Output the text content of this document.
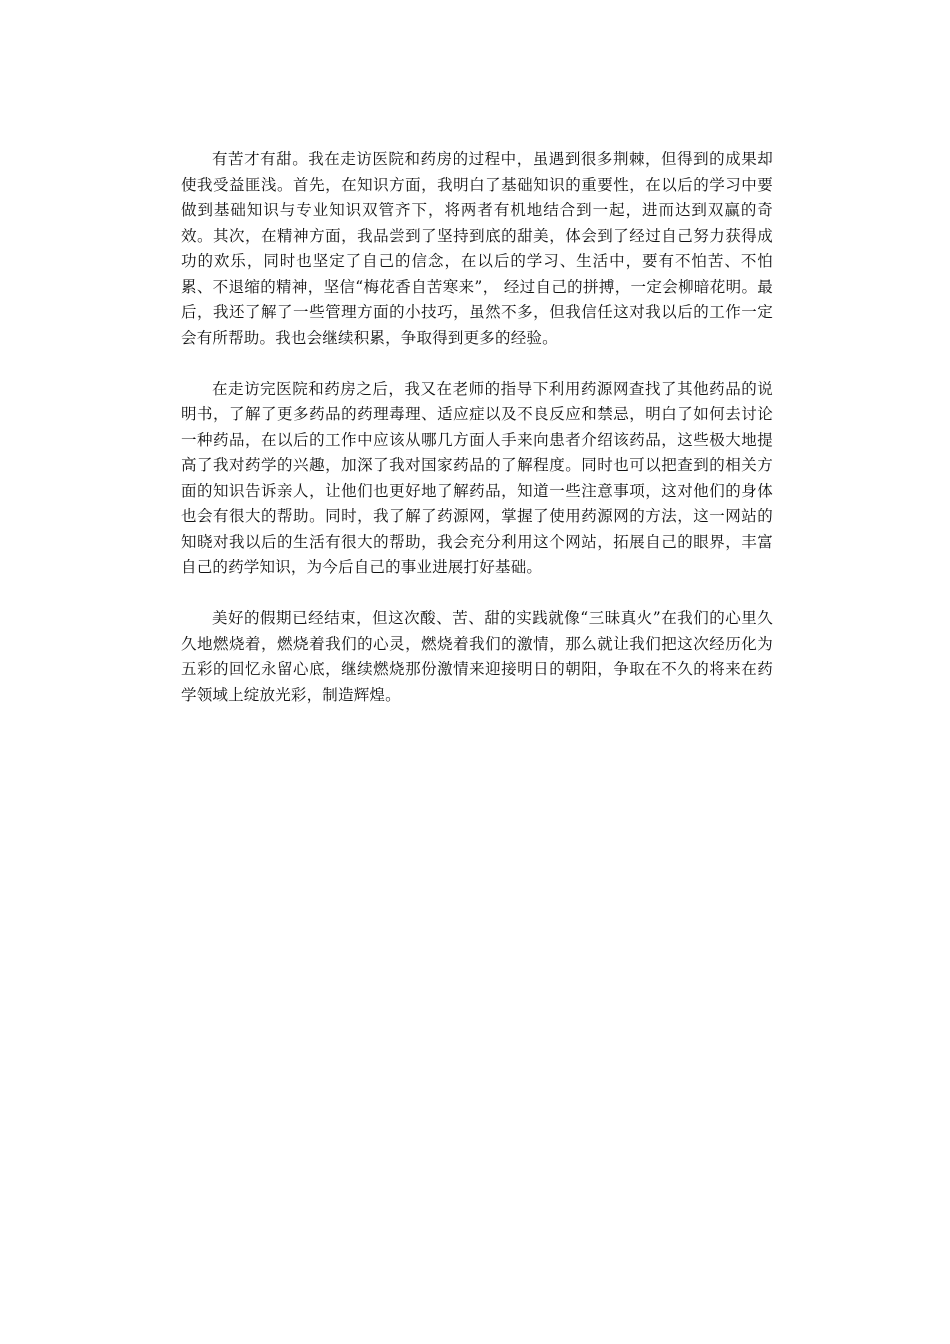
有苦才有甜。我在走访医院和药房的过程中，虽遇到很多荆棘，但得到的成果却使我受益匪浅。首先，在知识方面，我明白了基础知识的重要性，在以后的学习中要做到基础知识与专业知识双管齐下，将两者有机地结合到一起，进而达到双赢的奇效。其次，在精神方面，我品尝到了坚持到底的甜美，体会到了经过自己努力获得成功的欢乐，同时也坚定了自己的信念，在以后的学习、生活中，要有不怕苦、不怕累、不退缩的精神，坚信“梅花香自苦寒来”， 经过自己的拼搏，一定会柳暗花明。最后，我还了解了一些管理方面的小技巧，虽然不多，但我信任这对我以后的工作一定会有所帮助。我也会继续积累，争取得到更多的经验。

在走访完医院和药房之后，我又在老师的指导下利用药源网查找了其他药品的说明书，了解了更多药品的药理毒理、适应症以及不良反应和禁忌，明白了如何去讨论一种药品，在以后的工作中应该从哪几方面人手来向患者介绍该药品，这些极大地提高了我对药学的兴趣，加深了我对国家药品的了解程度。同时也可以把查到的相关方面的知识告诉亲人，让他们也更好地了解药品，知道一些注意事项，这对他们的身体也会有很大的帮助。同时，我了解了药源网，掌握了使用药源网的方法，这一网站的知晓对我以后的生活有很大的帮助，我会充分利用这个网站，拓展自己的眼界，丰富自己的药学知识，为今后自己的事业进展打好基础。

美好的假期已经结束，但这次酸、苦、甜的实践就像“三昧真火”在我们的心里久久地燃烧着，燃烧着我们的心灵，燃烧着我们的激情，那么就让我们把这次经历化为五彩的回忆永留心底，继续燃烧那份激情来迎接明日的朝阳，争取在不久的将来在药学领域上绽放光彩，制造辉煌。
